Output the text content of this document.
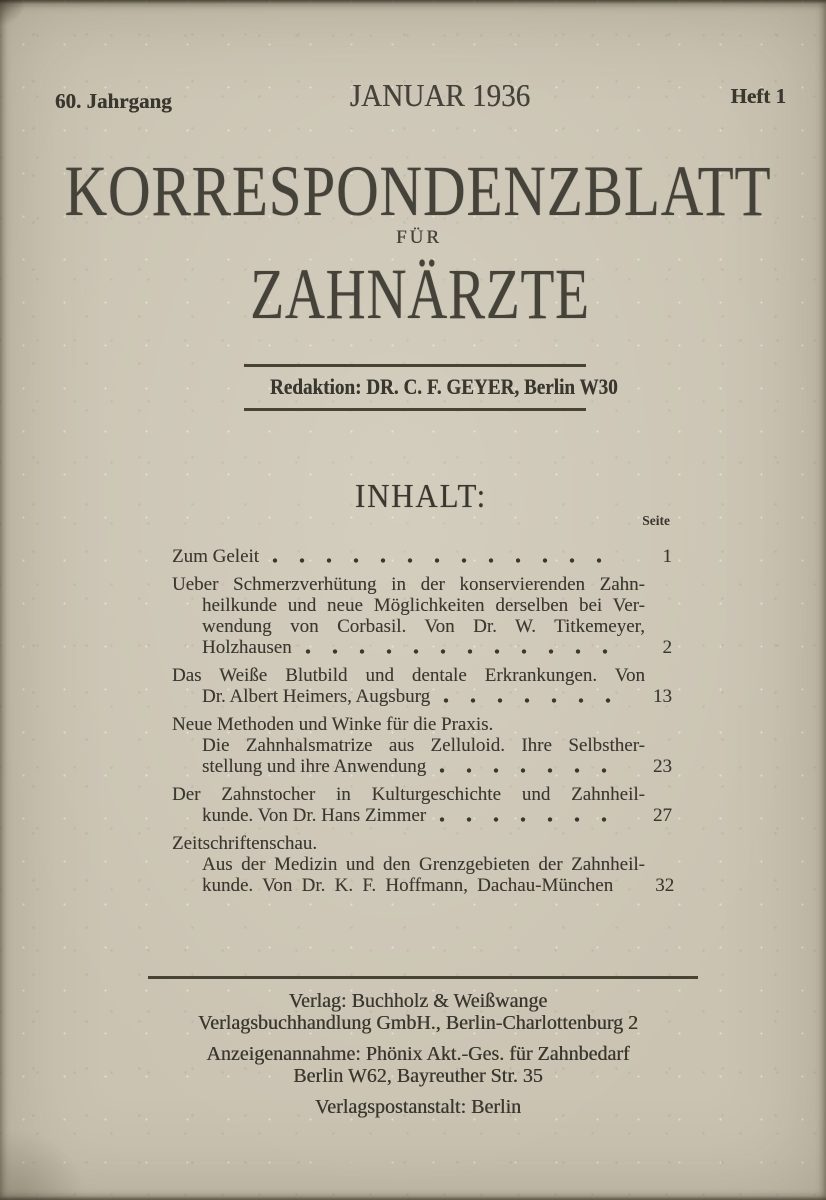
60. Jahrgang	JANUAR 1936	Heft 1
KORRESPONDENZBLATT
FÜR
ZAHNÄRZTE
Redaktion: DR. C. F. GEYER, Berlin W30
INHALT:
Seite
Zum Geleit	1
Ueber Schmerzverhütung in der konservierenden Zahn-
heilkunde und neue Möglichkeiten derselben bei Ver-
wendung von Corbasil. Von Dr. W. Titkemeyer,
Holzhausen	2
Das Weiße Blutbild und dentale Erkrankungen. Von
Dr. Albert Heimers, Augsburg	13
Neue Methoden und Winke für die Praxis.
Die Zahnhalsmatrize aus Zelluloid. Ihre Selbsther-
stellung und ihre Anwendung	23
Der Zahnstocher in Kulturgeschichte und Zahnheil-
kunde. Von Dr. Hans Zimmer	27
Zeitschriftenschau.
Aus der Medizin und den Grenzgebieten der Zahnheil-
kunde. Von Dr. K. F. Hoffmann, Dachau-München	32
Verlag: Buchholz & Weißwange
Verlagsbuchhandlung GmbH., Berlin-Charlottenburg 2
Anzeigenannahme: Phönix Akt.-Ges. für Zahnbedarf
Berlin W62, Bayreuther Str. 35
Verlagspostanstalt: Berlin
